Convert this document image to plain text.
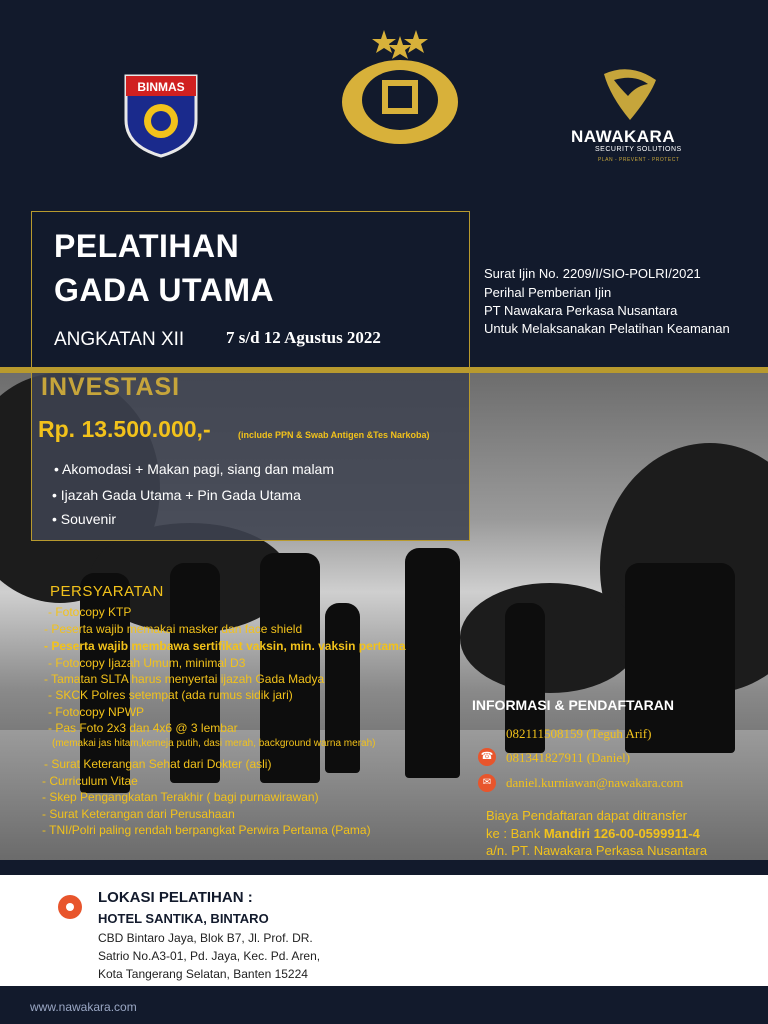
BINMAS
NAWAKARA
SECURITY SOLUTIONS
PLAN - PREVENT - PROTECT
PELATIHAN
GADA UTAMA
ANGKATAN XII 7 s/d 12 Agustus 2022
Surat Ijin No. 2209/I/SIO-POLRI/2021
Perihal Pemberian Ijin
PT Nawakara Perkasa Nusantara
Untuk Melaksanakan Pelatihan Keamanan
INVESTASI
Rp. 13.500.000,-	(include PPN & Swab Antigen &Tes Narkoba)
• Akomodasi + Makan pagi, siang dan malam
• Ijazah Gada Utama + Pin Gada Utama
• Souvenir
PERSYARATAN
- Fotocopy KTP
- Peserta wajib memakai masker dan face shield
- Peserta wajib membawa sertifikat vaksin, min. vaksin pertama
- Fotocopy Ijazah Umum, minimal D3
- Tamatan SLTA harus menyertai ijazah Gada Madya
- SKCK Polres setempat (ada rumus sidik jari)
- Fotocopy NPWP
- Pas Foto 2x3 dan 4x6 @ 3 lembar
(memakai jas hitam,kemeja putih, dasi merah, background warna merah)
- Surat Keterangan Sehat dari Dokter (asli)
- Curriculum Vitae
- Skep Pengangkatan Terakhir ( bagi purnawirawan)
- Surat Keterangan dari Perusahaan
- TNI/Polri paling rendah berpangkat Perwira Pertama (Pama)
INFORMASI & PENDAFTARAN
082111508159 (Teguh Arif)
☎ 081341827911 (Daniel)
✉	daniel.kurniawan@nawakara.com
Biaya Pendaftaran dapat ditransfer
ke : Bank Mandiri 126-00-0599911-4
a/n. PT. Nawakara Perkasa Nusantara
LOKASI PELATIHAN :
HOTEL SANTIKA, BINTARO
CBD Bintaro Jaya, Blok B7, Jl. Prof. DR.
Satrio No.A3-01, Pd. Jaya, Kec. Pd. Aren,
Kota Tangerang Selatan, Banten 15224
www.nawakara.com
